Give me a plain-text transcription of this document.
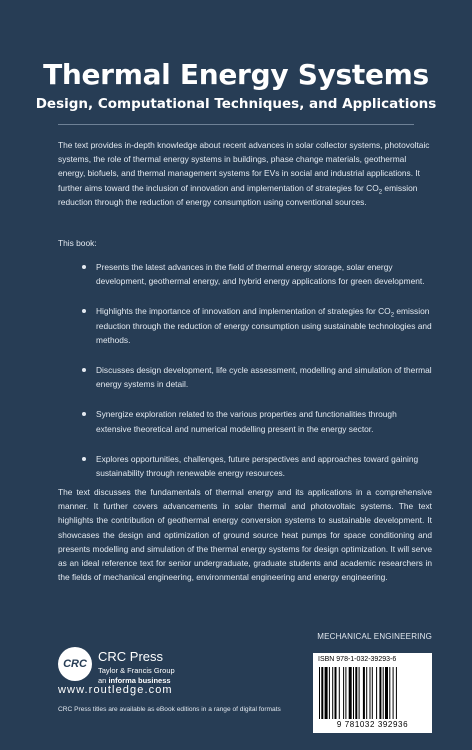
Thermal Energy Systems
Design, Computational Techniques, and Applications

The text provides in-depth knowledge about recent advances in solar collector systems, photovoltaic systems, the role of thermal energy systems in buildings, phase change materials, geothermal energy, biofuels, and thermal management systems for EVs in social and industrial applications. It further aims toward the inclusion of innovation and implementation of strategies for $CO_2$ emission reduction through the reduction of energy consumption using conventional sources.

This book:
Presents the latest advances in the field of thermal energy storage, solar energy development, geothermal energy, and hybrid energy applications for green development.
Highlights the importance of innovation and implementation of strategies for $CO_2$ emission reduction through the reduction of energy consumption using sustainable technologies and methods.
Discusses design development, life cycle assessment, modelling and simulation of thermal energy systems in detail.
Synergize exploration related to the various properties and functionalities through extensive theoretical and numerical modelling present in the energy sector.
Explores opportunities, challenges, future perspectives and approaches toward gaining sustainability through renewable energy resources.

The text discusses the fundamentals of thermal energy and its applications in a comprehensive manner. It further covers advancements in solar thermal and photovoltaic systems. The text highlights the contribution of geothermal energy conversion systems to sustainable development. It showcases the design and optimization of ground source heat pumps for space conditioning and presents modelling and simulation of the thermal energy systems for design optimization. It will serve as an ideal reference text for senior undergraduate, graduate students and academic researchers in the fields of mechanical engineering, environmental engineering and energy engineering.

MECHANICAL ENGINEERING
CRC CRC Press
Taylor & Francis Group
an informa business
www.routledge.com
CRC Press titles are available as eBook editions in a range of digital formats
ISBN 978-1-032-39293-6
9 781032 392936
